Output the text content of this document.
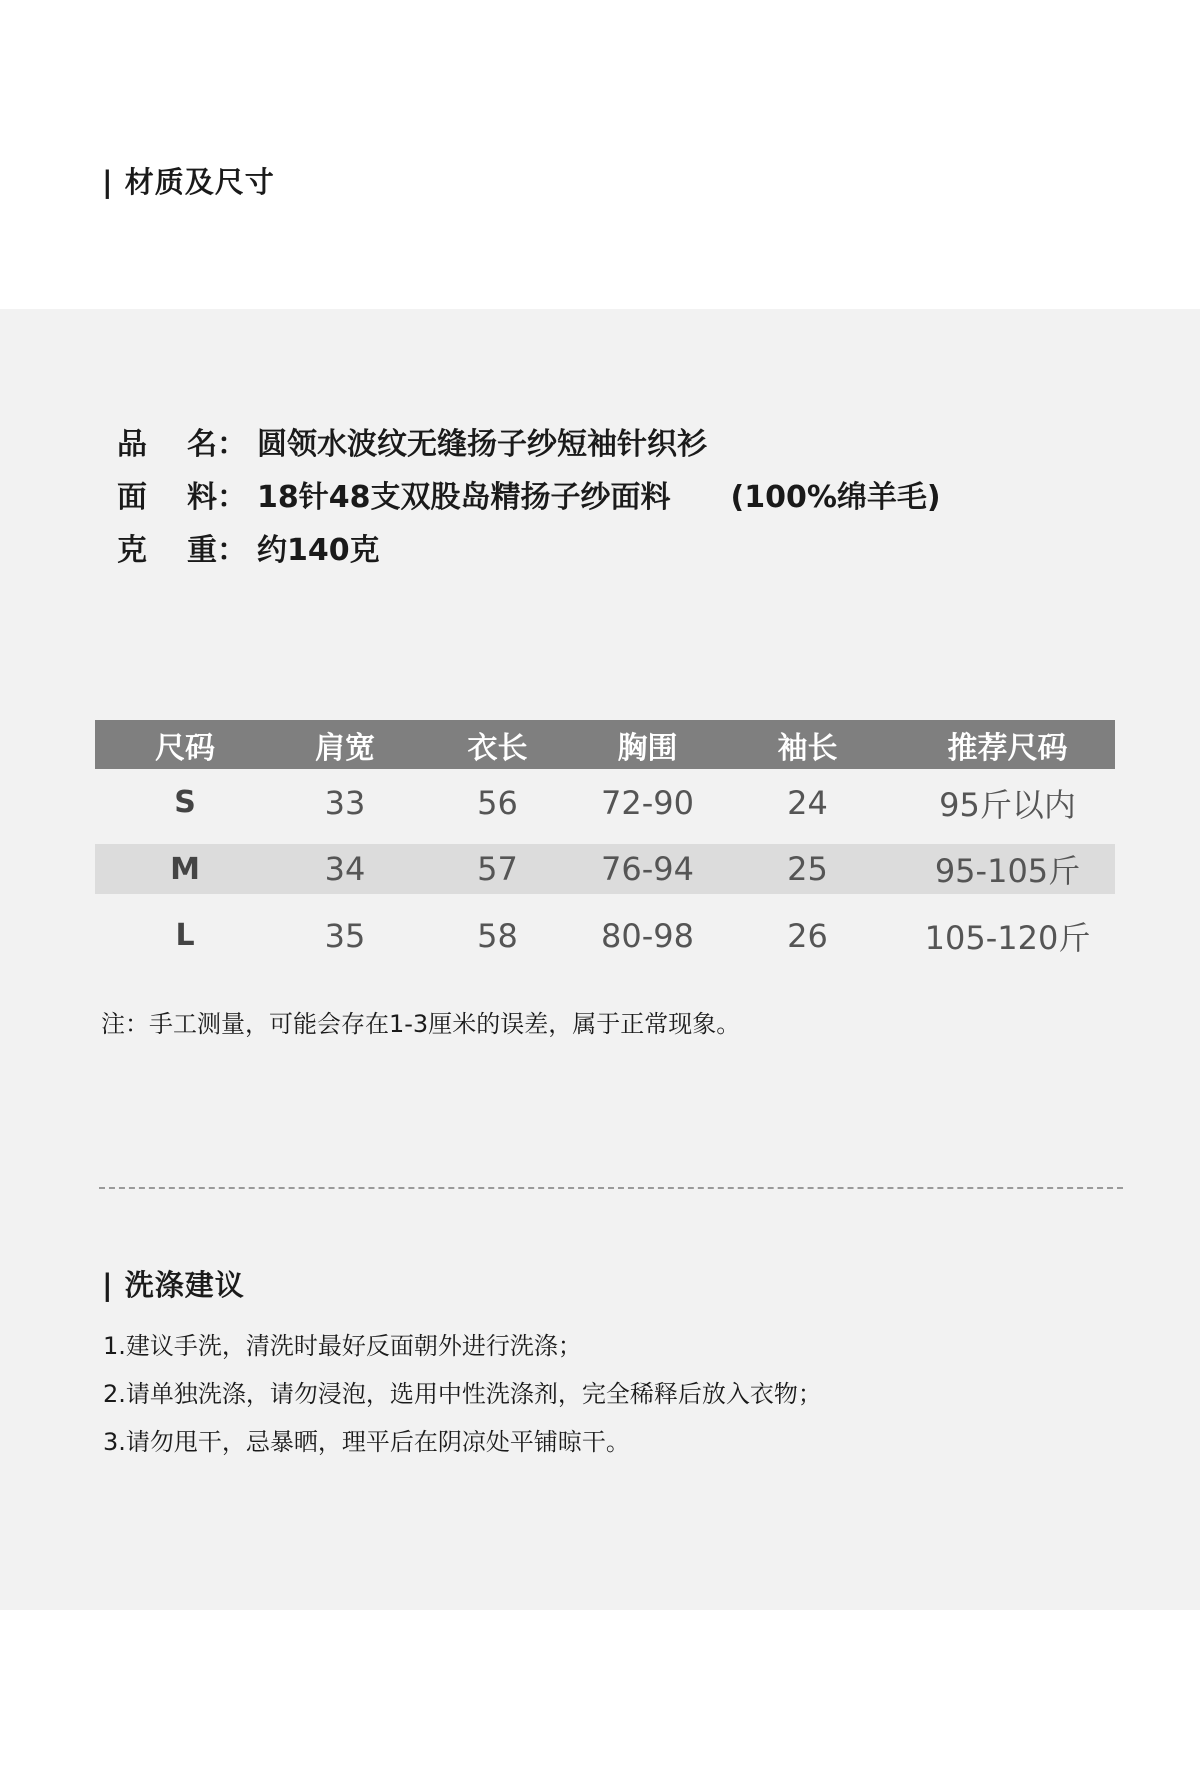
| 材质及尺寸
品 名： 圆领水波纹无缝扬子纱短袖针织衫
面 料： 18针48支双股岛精扬子纱面料 (100%绵羊毛)
克 重： 约140克
尺码	肩宽	衣长	胸围	袖长	推荐尺码
S	33	56	72-90	24	95斤以内
M	34	57	76-94	25	95-105斤
L	35	58	80-98	26	105-120斤
注：手工测量，可能会存在1-3厘米的误差，属于正常现象。
| 洗涤建议
1.建议手洗，清洗时最好反面朝外进行洗涤；
2.请单独洗涤，请勿浸泡，选用中性洗涤剂，完全稀释后放入衣物；
3.请勿甩干，忌暴晒，理平后在阴凉处平铺晾干。
